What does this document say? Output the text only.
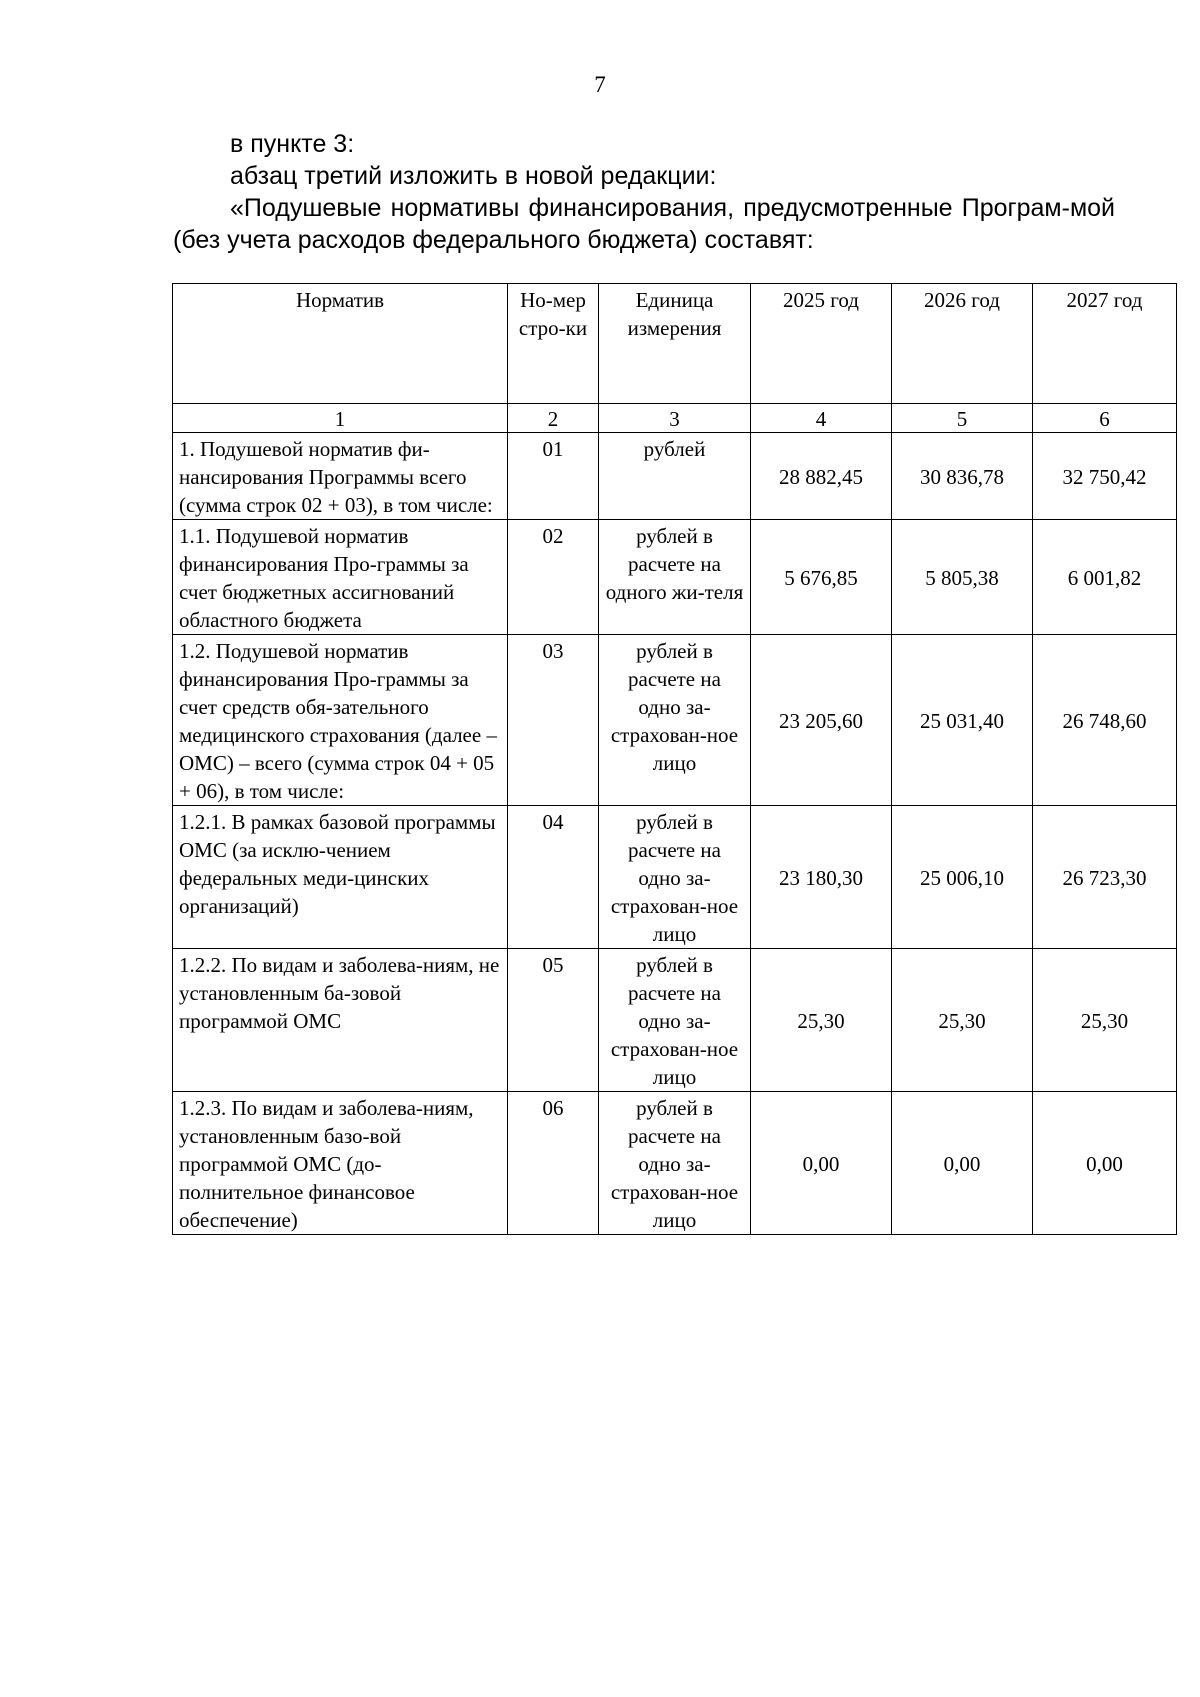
7

в пункте 3:

абзац третий изложить в новой редакции:

«Подушевые нормативы финансирования, предусмотренные Програм-мой (без учета расходов федерального бюджета) составят:

Норматив	Но-мер стро-ки	Единица измерения	2025 год	2026 год	2027 год
1	2	3	4	5	6
1. Подушевой норматив фи-нансирования Программы всего (сумма строк 02 + 03), в том числе:	01	рублей	28 882,45	30 836,78	32 750,42
1.1. Подушевой норматив финансирования Про-граммы за счет бюджетных ассигнований областного бюджета	02	рублей в расчете на одного жи-теля	5 676,85	5 805,38	6 001,82
1.2. Подушевой норматив финансирования Про-граммы за счет средств обя-зательного медицинского страхования (далее – ОМС) – всего (сумма строк 04 + 05 + 06), в том числе:	03	рублей в расчете на одно за-страхован-ное лицо	23 205,60	25 031,40	26 748,60
1.2.1. В рамках базовой программы ОМС (за исклю-чением федеральных меди-цинских организаций)	04	рублей в расчете на одно за-страхован-ное лицо	23 180,30	25 006,10	26 723,30
1.2.2. По видам и заболева-ниям, не установленным ба-зовой программой ОМС	05	рублей в расчете на одно за-страхован-ное лицо	25,30	25,30	25,30
1.2.3. По видам и заболева-ниям, установленным базо-вой программой ОМС (до-полнительное финансовое обеспечение)	06	рублей в расчете на одно за-страхован-ное лицо	0,00	0,00	0,00
